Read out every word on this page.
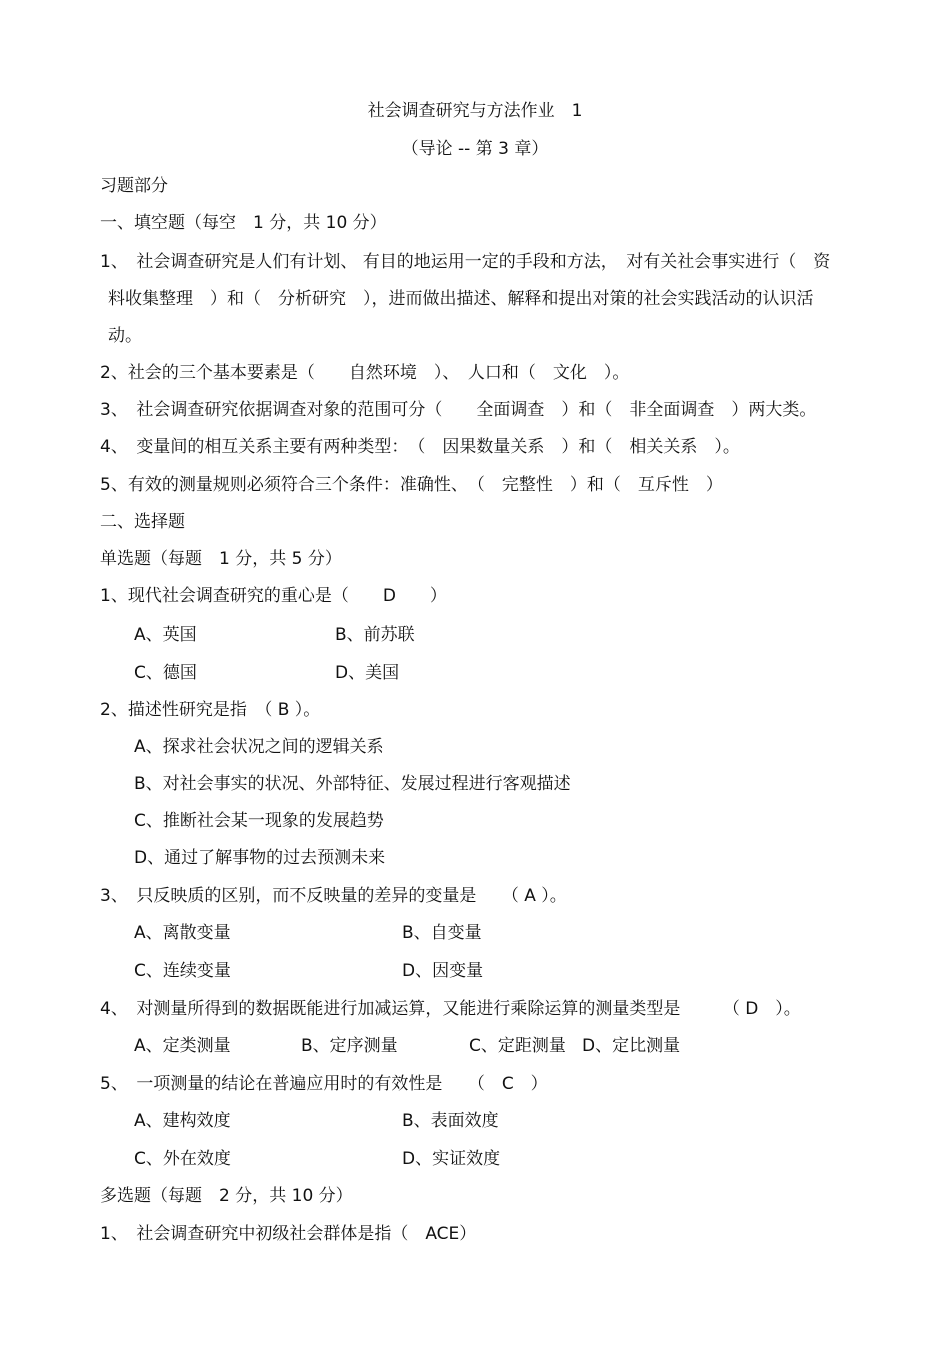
社会调查研究与方法作业　1
（导论 -- 第 3 章）
习题部分
一、填空题（每空　1 分，共 10 分）
1、　社会调查研究是人们有计划、 有目的地运用一定的手段和方法，　对有关社会事实进行（　资
料收集整理　）和（　分析研究　），进而做出描述、解释和提出对策的社会实践活动的认识活
动。
2、社会的三个基本要素是（　　自然环境　）、　人口和（　文化　）。
3、　社会调查研究依据调查对象的范围可分（　　全面调查　）和（　非全面调查　）两大类。
4、　变量间的相互关系主要有两种类型：　（　因果数量关系　）和（　相关关系　）。
5、有效的测量规则必须符合三个条件：准确性、　（　完整性　）和（　互斥性　）
二、选择题
单选题（每题　1 分，共 5 分）
1、现代社会调查研究的重心是（　　D　　）
A、英国	B、前苏联
C、德国	D、美国
2、描述性研究是指　（ B ）。
A、探求社会状况之间的逻辑关系
B、对社会事实的状况、外部特征、发展过程进行客观描述
C、推断社会某一现象的发展趋势
D、通过了解事物的过去预测未来
3、　只反映质的区别，而不反映量的差异的变量是　　（ A ）。
A、离散变量	B、自变量
C、连续变量	D、因变量
4、　对测量所得到的数据既能进行加减运算，又能进行乘除运算的测量类型是　　　（ D　）。
A、定类测量	B、定序测量	C、定距测量 D、定比测量
5、　一项测量的结论在普遍应用时的有效性是　　（　C　）
A、建构效度	B、表面效度
C、外在效度	D、实证效度
多选题（每题　2 分，共 10 分）
1、　社会调查研究中初级社会群体是指（　ACE）
